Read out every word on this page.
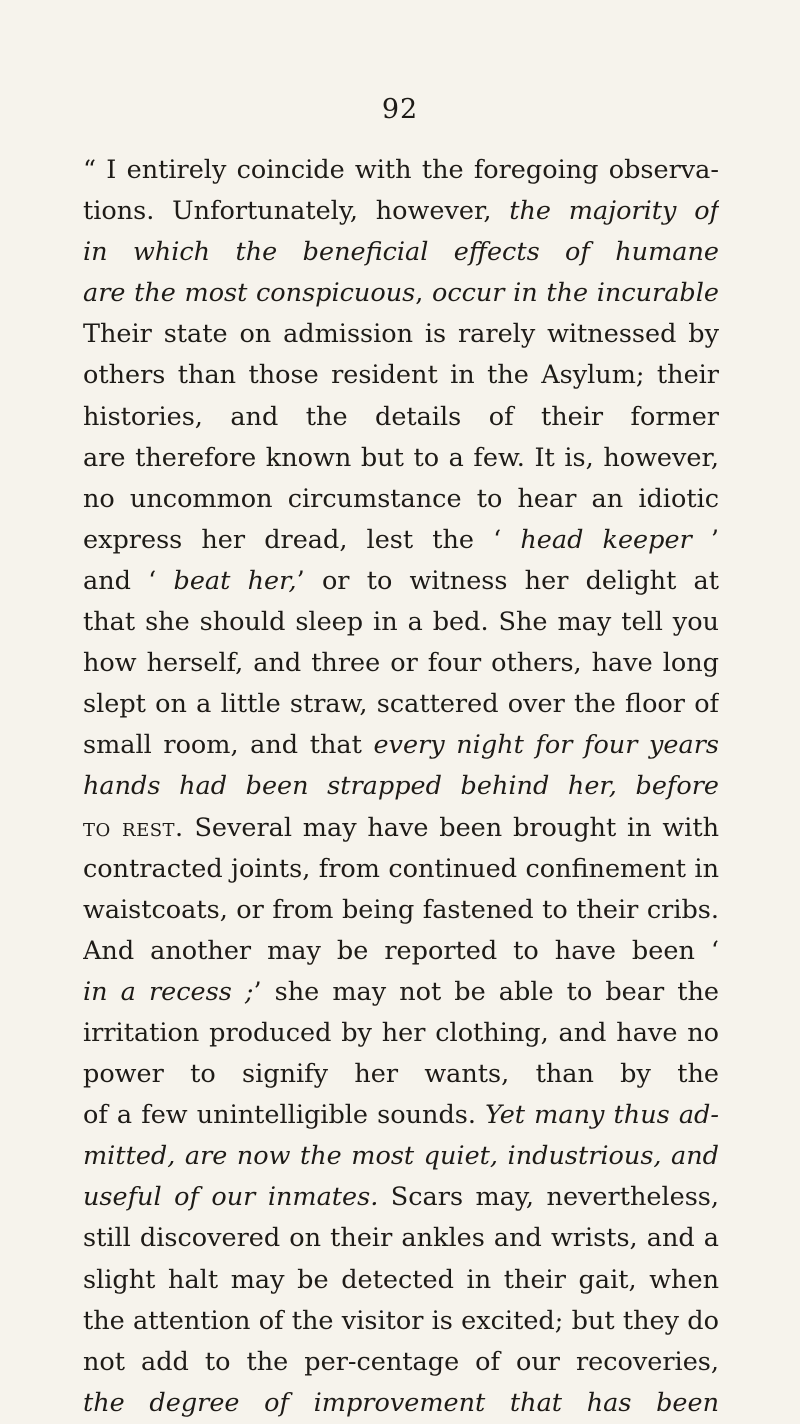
92
“ I entirely coincide with the foregoing observa-
tions. Unfortunately, however, the majority of
in which the beneficial effects of humane
are the most conspicuous, occur in the incurable
Their state on admission is rarely witnessed by
others than those resident in the Asylum; their
histories, and the details of their former
are therefore known but to a few. It is, however,
no uncommon circumstance to hear an idiotic
express her dread, lest the ‘ head keeper ’
and ‘ beat her,’ or to witness her delight at
that she should sleep in a bed. She may tell you
how herself, and three or four others, have long
slept on a little straw, scattered over the floor of
small room, and that every night for four years
hands had been strapped behind her, before
to rest. Several may have been brought in with
contracted joints, from continued confinement in
waistcoats, or from being fastened to their cribs.
And another may be reported to have been ‘
in a recess ;’ she may not be able to bear the
irritation produced by her clothing, and have no
power to signify her wants, than by the
of a few unintelligible sounds. Yet many thus ad-
mitted, are now the most quiet, industrious, and
useful of our inmates. Scars may, nevertheless,
still discovered on their ankles and wrists, and a
slight halt may be detected in their gait, when
the attention of the visitor is excited; but they do
not add to the per-centage of our recoveries,
the degree of improvement that has been
